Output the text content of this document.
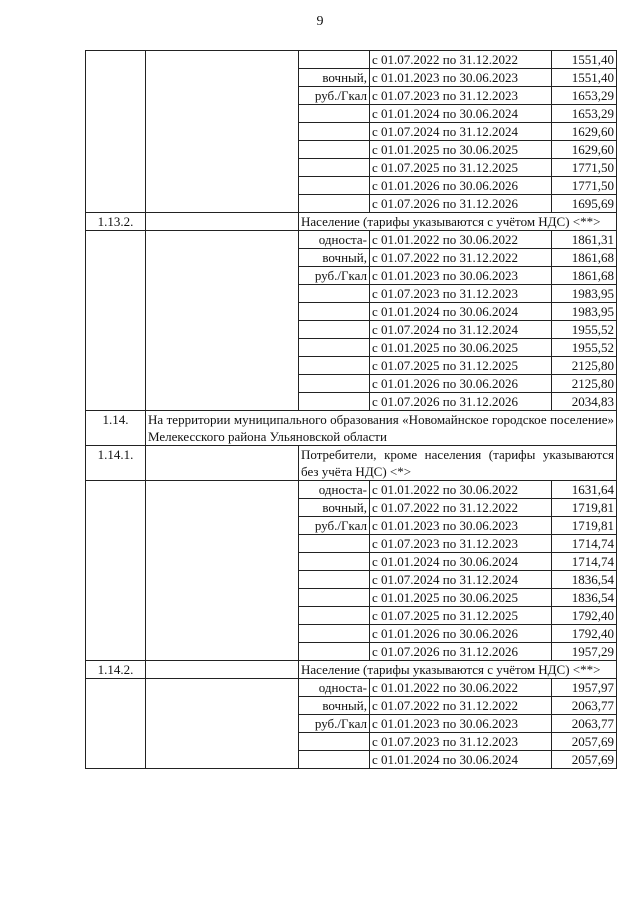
9
			с 01.07.2022 по 31.12.2022	1551,40
		вочный,	с 01.01.2023 по 30.06.2023	1551,40
		руб./Гкал	с 01.07.2023 по 31.12.2023	1653,29
			с 01.01.2024 по 30.06.2024	1653,29
			с 01.07.2024 по 31.12.2024	1629,60
			с 01.01.2025 по 30.06.2025	1629,60
			с 01.07.2025 по 31.12.2025	1771,50
			с 01.01.2026 по 30.06.2026	1771,50
			с 01.07.2026 по 31.12.2026	1695,69
1.13.2.		Население (тарифы указываются с учётом НДС) <**>		
		односта-	с 01.01.2022 по 30.06.2022	1861,31
		вочный,	с 01.07.2022 по 31.12.2022	1861,68
		руб./Гкал	с 01.01.2023 по 30.06.2023	1861,68
			с 01.07.2023 по 31.12.2023	1983,95
			с 01.01.2024 по 30.06.2024	1983,95
			с 01.07.2024 по 31.12.2024	1955,52
			с 01.01.2025 по 30.06.2025	1955,52
			с 01.07.2025 по 31.12.2025	2125,80
			с 01.01.2026 по 30.06.2026	2125,80
			с 01.07.2026 по 31.12.2026	2034,83
1.14.	На территории муниципального образования «Новомайнское городское поселение» Мелекесского района Ульяновской области			
1.14.1.		Потребители, кроме населения (тарифы указываются без учёта НДС) <*>		
		односта-	с 01.01.2022 по 30.06.2022	1631,64
		вочный,	с 01.07.2022 по 31.12.2022	1719,81
		руб./Гкал	с 01.01.2023 по 30.06.2023	1719,81
			с 01.07.2023 по 31.12.2023	1714,74
			с 01.01.2024 по 30.06.2024	1714,74
			с 01.07.2024 по 31.12.2024	1836,54
			с 01.01.2025 по 30.06.2025	1836,54
			с 01.07.2025 по 31.12.2025	1792,40
			с 01.01.2026 по 30.06.2026	1792,40
			с 01.07.2026 по 31.12.2026	1957,29
1.14.2.		Население (тарифы указываются с учётом НДС) <**>		
		односта-	с 01.01.2022 по 30.06.2022	1957,97
		вочный,	с 01.07.2022 по 31.12.2022	2063,77
		руб./Гкал	с 01.01.2023 по 30.06.2023	2063,77
			с 01.07.2023 по 31.12.2023	2057,69
			с 01.01.2024 по 30.06.2024	2057,69
